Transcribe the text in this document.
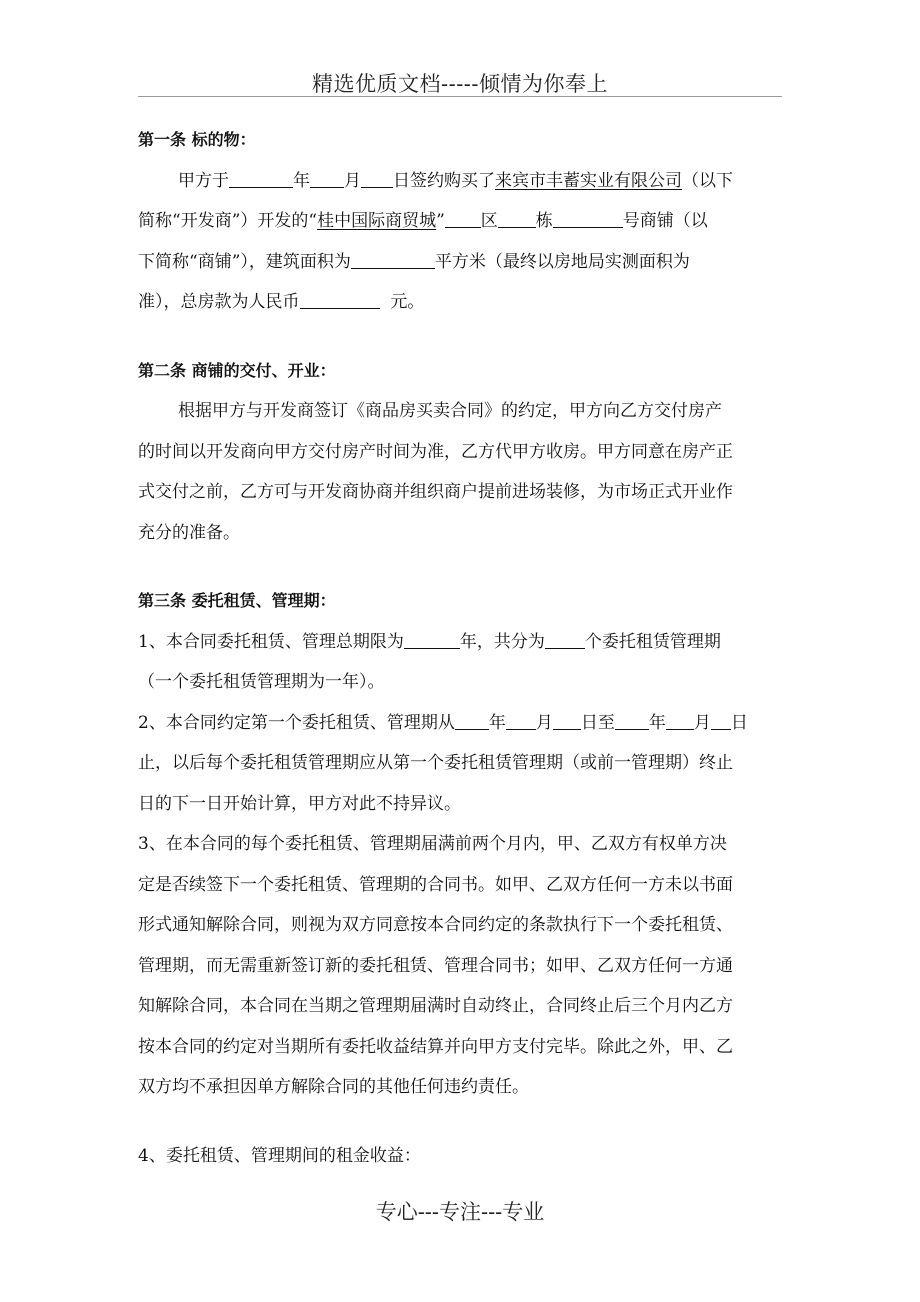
精选优质文档-----倾情为你奉上
第一条 标的物：
甲方于	年 月 日签约购买了来宾市丰蓄实业有限公司（以下
简称“开发商”）开发的“桂中国际商贸城” 区 栋	号商铺（以
下简称“商铺”），建筑面积为	平方米（最终以房地局实测面积为
准），总房款为人民币	元。
第二条 商铺的交付、开业：
根据甲方与开发商签订《商品房买卖合同》的约定，甲方向乙方交付房产
的时间以开发商向甲方交付房产时间为准，乙方代甲方收房。甲方同意在房产正
式交付之前，乙方可与开发商协商并组织商户提前进场装修，为市场正式开业作
充分的准备。
第三条 委托租赁、管理期：
1、本合同委托租赁、管理总期限为	年，共分为 个委托租赁管理期
（一个委托租赁管理期为一年）。
2、本合同约定第一个委托租赁、管理期从 年 月 日至 年 月 日
止，以后每个委托租赁管理期应从第一个委托租赁管理期（或前一管理期）终止
日的下一日开始计算，甲方对此不持异议。
3、在本合同的每个委托租赁、管理期届满前两个月内，甲、乙双方有权单方决
定是否续签下一个委托租赁、管理期的合同书。如甲、乙双方任何一方未以书面
形式通知解除合同，则视为双方同意按本合同约定的条款执行下一个委托租赁、
管理期，而无需重新签订新的委托租赁、管理合同书；如甲、乙双方任何一方通
知解除合同，本合同在当期之管理期届满时自动终止，合同终止后三个月内乙方
按本合同的约定对当期所有委托收益结算并向甲方支付完毕。除此之外，甲、乙
双方均不承担因单方解除合同的其他任何违约责任。
4、委托租赁、管理期间的租金收益：
专心---专注---专业
